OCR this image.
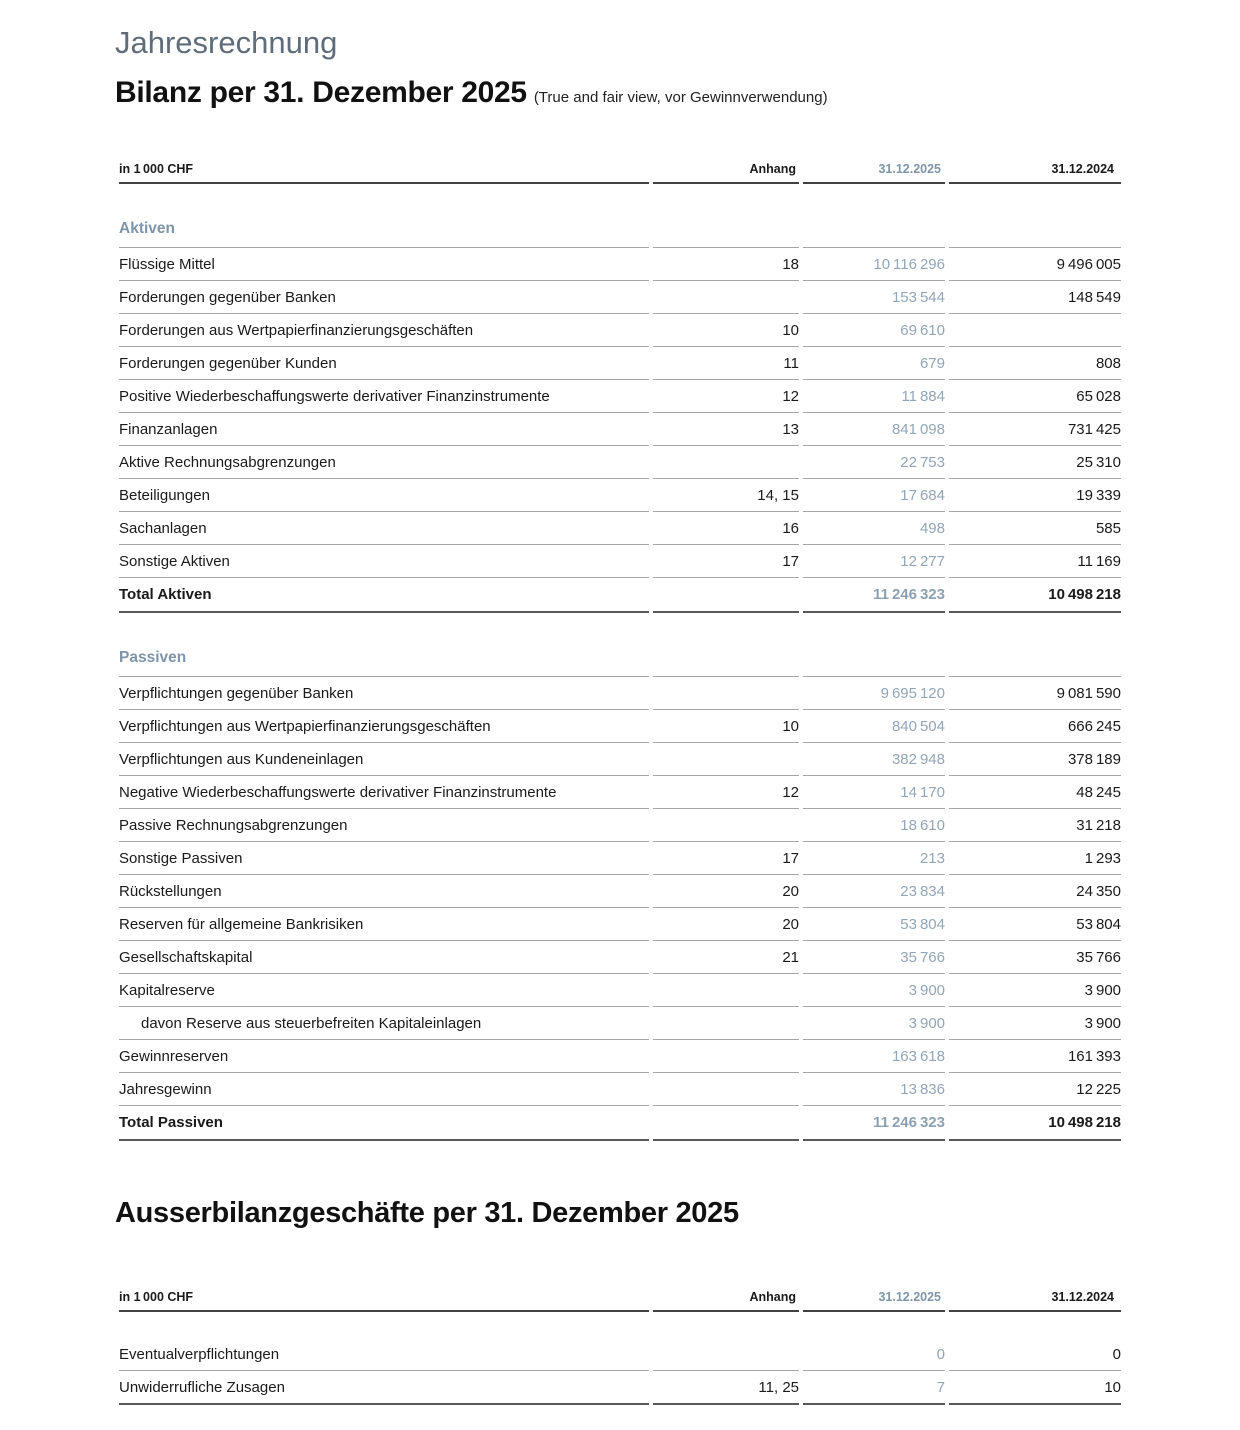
Jahresrechnung
Bilanz per 31. Dezember 2025 (True and fair view, vor Gewinnverwendung)
in 1 000 CHF	Anhang	31.12.2025	31.12.2024
Aktiven			
Flüssige Mittel	18	10 116 296	9 496 005
Forderungen gegenüber Banken		153 544	148 549
Forderungen aus Wertpapierfinanzierungsgeschäften	10	69 610	
Forderungen gegenüber Kunden	11	679	808
Positive Wiederbeschaffungswerte derivativer Finanzinstrumente	12	11 884	65 028
Finanzanlagen	13	841 098	731 425
Aktive Rechnungsabgrenzungen		22 753	25 310
Beteiligungen	14, 15	17 684	19 339
Sachanlagen	16	498	585
Sonstige Aktiven	17	12 277	11 169
Total Aktiven		11 246 323	10 498 218
Passiven			
Verpflichtungen gegenüber Banken		9 695 120	9 081 590
Verpflichtungen aus Wertpapierfinanzierungsgeschäften	10	840 504	666 245
Verpflichtungen aus Kundeneinlagen		382 948	378 189
Negative Wiederbeschaffungswerte derivativer Finanzinstrumente	12	14 170	48 245
Passive Rechnungsabgrenzungen		18 610	31 218
Sonstige Passiven	17	213	1 293
Rückstellungen	20	23 834	24 350
Reserven für allgemeine Bankrisiken	20	53 804	53 804
Gesellschaftskapital	21	35 766	35 766
Kapitalreserve		3 900	3 900
davon Reserve aus steuerbefreiten Kapitaleinlagen		3 900	3 900
Gewinnreserven		163 618	161 393
Jahresgewinn		13 836	12 225
Total Passiven		11 246 323	10 498 218
Ausserbilanzgeschäfte per 31. Dezember 2025
in 1 000 CHF	Anhang	31.12.2025	31.12.2024

Eventualverpflichtungen		0	0
Unwiderrufliche Zusagen	11, 25	7	10
